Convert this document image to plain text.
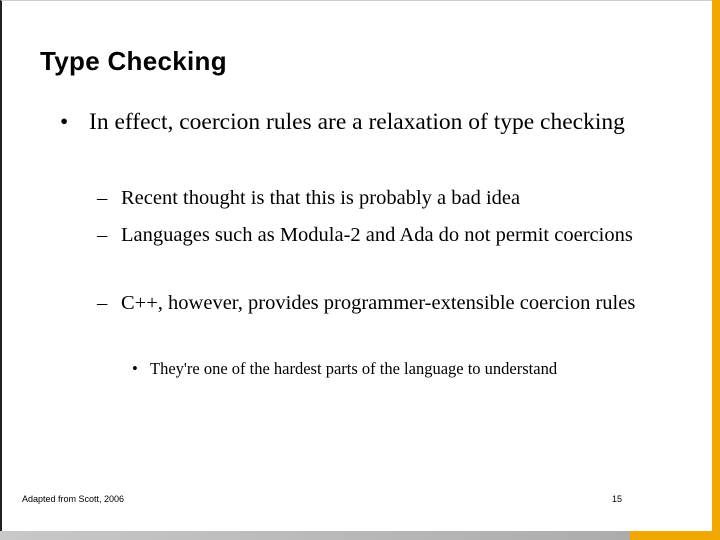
Type Checking
• In effect, coercion rules are a relaxation of type checking
– Recent thought is that this is probably a bad idea
– Languages such as Modula-2 and Ada do not permit coercions
– C++, however, provides programmer-extensible coercion rules
• They're one of the hardest parts of the language to understand
Adapted from Scott, 2006	15
